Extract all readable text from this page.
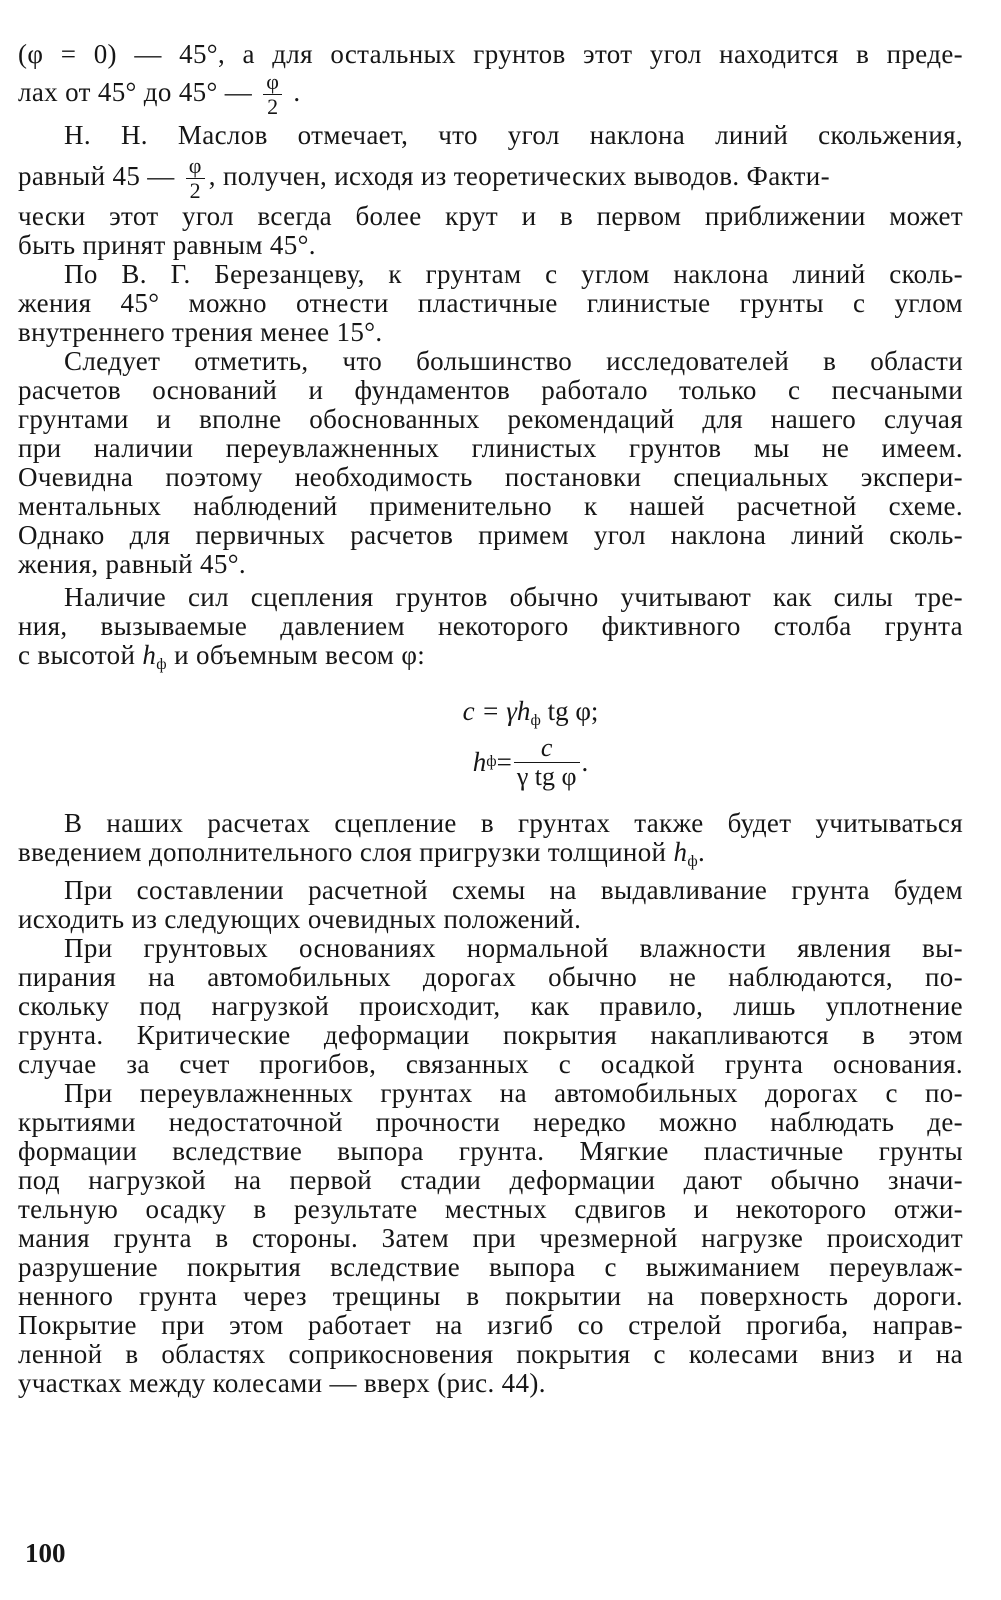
(φ = 0) — 45°, а для остальных грунтов этот угол находится в преде-
лах от 45° до 45° — $\frac{\varphi}{2}$ .
Н. Н. Маслов отмечает, что угол наклона линий скольжения,
равный 45 — $\frac{\varphi}{2}$ , получен, исходя из теоретических выводов. Факти-
чески этот угол всегда более крут и в первом приближении может
быть принят равным 45°.
По В. Г. Березанцеву, к грунтам с углом наклона линий сколь-
жения 45° можно отнести пластичные глинистые грунты с углом
внутреннего трения менее 15°.
Следует отметить, что большинство исследователей в области
расчетов оснований и фундаментов работало только с песчаными
грунтами и вполне обоснованных рекомендаций для нашего случая
при наличии переувлажненных глинистых грунтов мы не имеем.
Очевидна поэтому необходимость постановки специальных экспери-
ментальных наблюдений применительно к нашей расчетной схеме.
Однако для первичных расчетов примем угол наклона линий сколь-
жения, равный 45°.
Наличие сил сцепления грунтов обычно учитывают как силы тре-
ния, вызываемые давлением некоторого фиктивного столба грунта
с высотой $h_ф$ и объемным весом φ:
$c = \gamma h_ф$ tg φ;
h $ф = \frac{c}{\text{γ tg φ}}$ .
В наших расчетах сцепление в грунтах также будет учитываться
введением дополнительного слоя пригрузки толщиной $h_ф$.
При составлении расчетной схемы на выдавливание грунта будем
исходить из следующих очевидных положений.
При грунтовых основаниях нормальной влажности явления вы-
пирания на автомобильных дорогах обычно не наблюдаются, по-
скольку под нагрузкой происходит, как правило, лишь уплотнение
грунта. Критические деформации покрытия накапливаются в этом
случае за счет прогибов, связанных с осадкой грунта основания.
При переувлажненных грунтах на автомобильных дорогах с по-
крытиями недостаточной прочности нередко можно наблюдать де-
формации вследствие выпора грунта. Мягкие пластичные грунты
под нагрузкой на первой стадии деформации дают обычно значи-
тельную осадку в результате местных сдвигов и некоторого отжи-
мания грунта в стороны. Затем при чрезмерной нагрузке происходит
разрушение покрытия вследствие выпора с выжиманием переувлаж-
ненного грунта через трещины в покрытии на поверхность дороги.
Покрытие при этом работает на изгиб со стрелой прогиба, направ-
ленной в областях соприкосновения покрытия с колесами вниз и на
участках между колесами — вверх (рис. 44).
100
